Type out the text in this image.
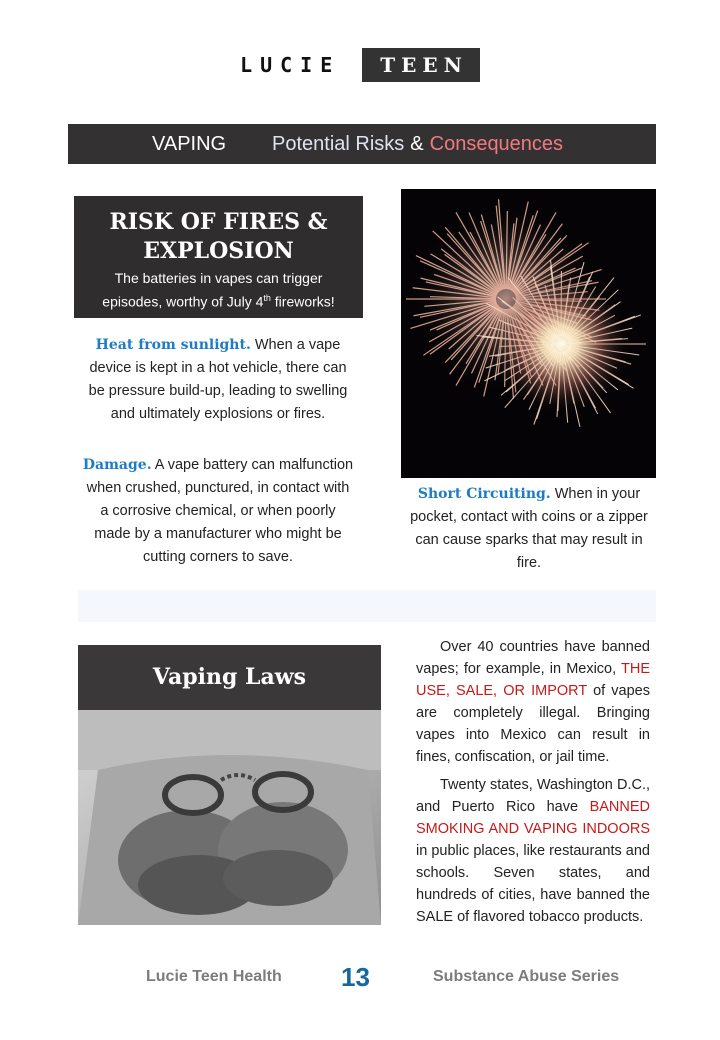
LUCIE	TEEN
VAPING	Potential Risks & Consequences
RISK OF FIRES & EXPLOSION
The batteries in vapes can trigger episodes, worthy of July 4th fireworks!
Heat from sunlight. When a vape device is kept in a hot vehicle, there can be pressure build-up, leading to swelling and ultimately explosions or fires.
Damage. A vape battery can malfunction when crushed, punctured, in contact with a corrosive chemical, or when poorly made by a manufacturer who might be cutting corners to save.
Short Circuiting. When in your pocket, contact with coins or a zipper can cause sparks that may result in fire.
Vaping Laws

Over 40 countries have banned vapes; for example, in Mexico, THE USE, SALE, OR IMPORT of vapes are completely illegal. Bringing vapes into Mexico can result in fines, confiscation, or jail time.

Twenty states, Washington D.C., and Puerto Rico have BANNED SMOKING AND VAPING INDOORS in public places, like restaurants and schools. Seven states, and hundreds of cities, have banned the SALE of flavored tobacco products.

Lucie Teen Health 13	Substance Abuse Series
